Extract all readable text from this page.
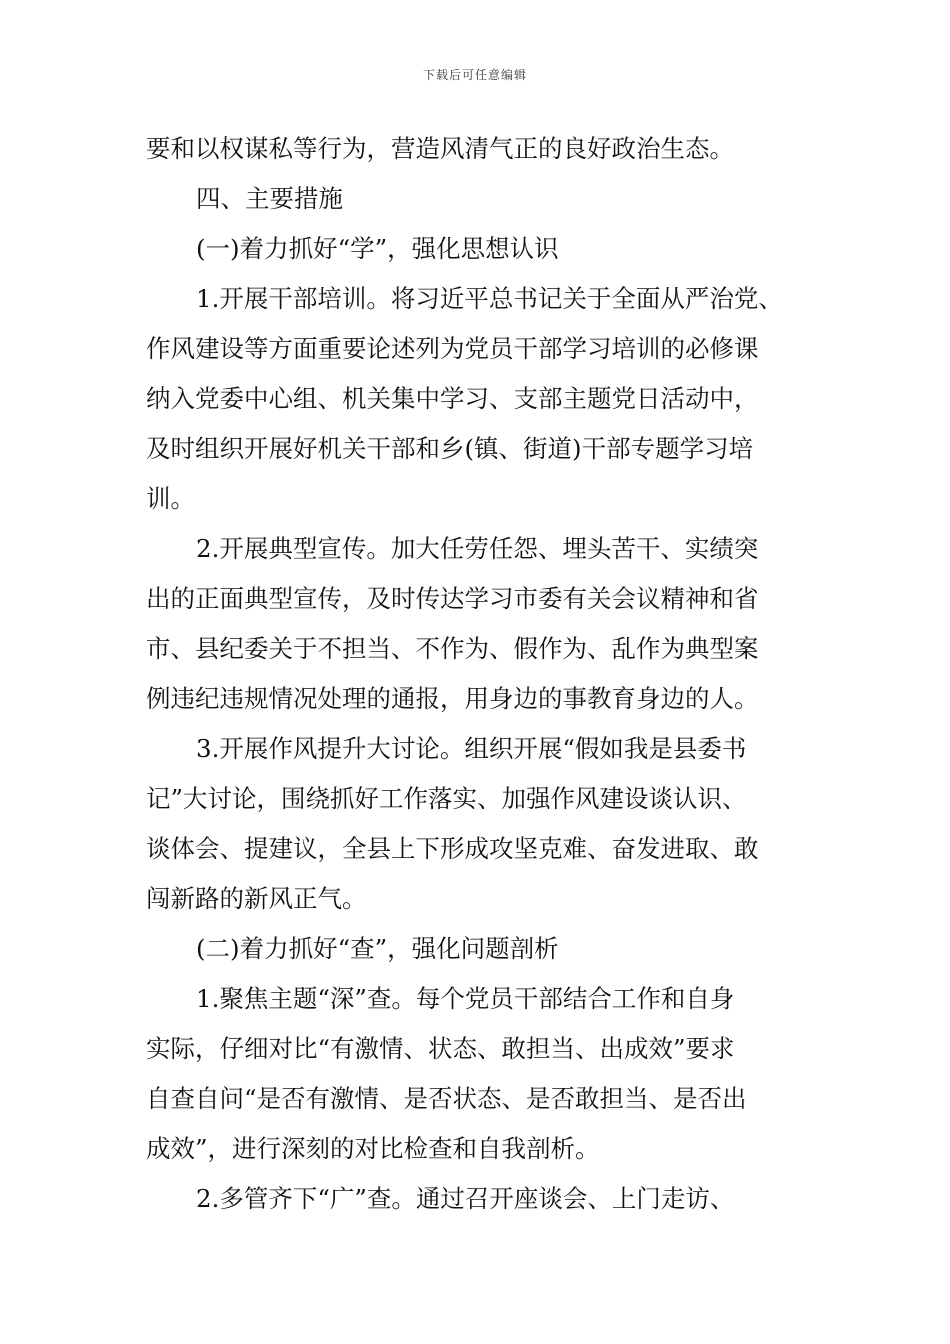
下载后可任意编辑
要和以权谋私等行为，营造风清气正的良好政治生态。
四、主要措施
(一)着力抓好“学”，强化思想认识
1.开展干部培训。将习近平总书记关于全面从严治党、
作风建设等方面重要论述列为党员干部学习培训的必修课
纳入党委中心组、机关集中学习、支部主题党日活动中，
及时组织开展好机关干部和乡(镇、街道)干部专题学习培
训。
2.开展典型宣传。加大任劳任怨、埋头苦干、实绩突
出的正面典型宣传，及时传达学习市委有关会议精神和省
市、县纪委关于不担当、不作为、假作为、乱作为典型案
例违纪违规情况处理的通报，用身边的事教育身边的人。
3.开展作风提升大讨论。组织开展“假如我是县委书
记”大讨论，围绕抓好工作落实、加强作风建设谈认识、
谈体会、提建议，全县上下形成攻坚克难、奋发进取、敢
闯新路的新风正气。
(二)着力抓好“查”，强化问题剖析
1.聚焦主题“深”查。每个党员干部结合工作和自身
实际，仔细对比“有激情、状态、敢担当、出成效”要求
自查自问“是否有激情、是否状态、是否敢担当、是否出
成效”，进行深刻的对比检查和自我剖析。
2.多管齐下“广”查。通过召开座谈会、上门走访、
